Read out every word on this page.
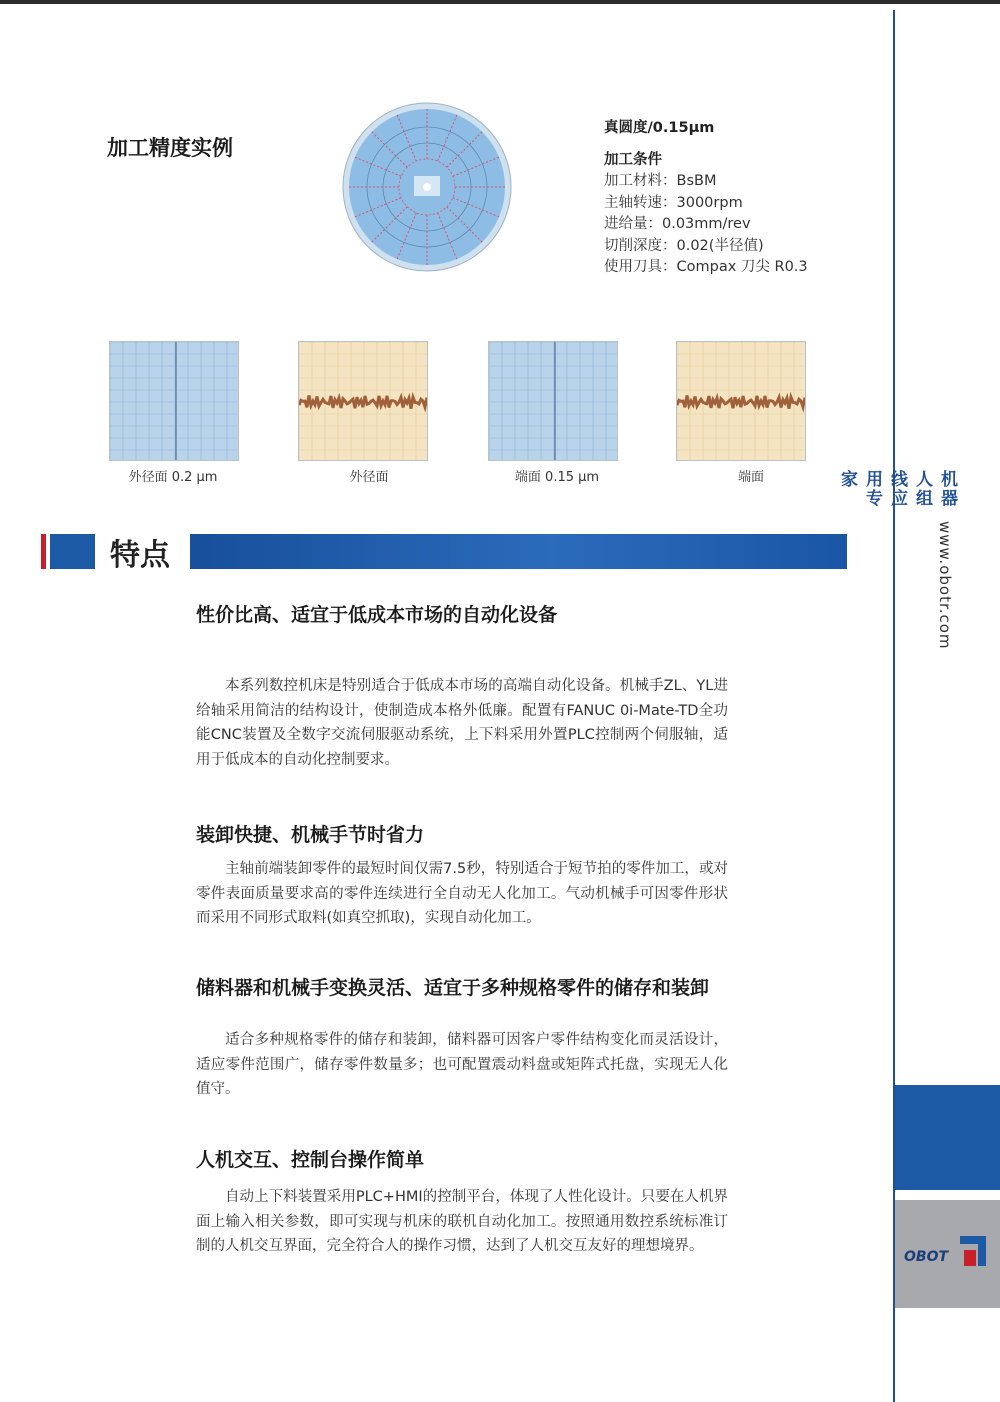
机器人组线应用专家
www.obotr.com
OBOT
加工精度实例
真圆度/0.15μm
加工条件
加工材料：BsBM
主轴转速：3000rpm
进给量：0.03mm/rev
切削深度：0.02(半径值)
使用刀具：Compax 刀尖 R0.3
外径面 0.2 μm	外径面	端面 0.15 μm	端面
特点
性价比高、适宜于低成本市场的自动化设备
本系列数控机床是特别适合于低成本市场的高端自动化设备。机械手ZL、YL进给轴采用简洁的结构设计，使制造成本格外低廉。配置有FANUC 0i-Mate-TD全功能CNC装置及全数字交流伺服驱动系统，上下料采用外置PLC控制两个伺服轴，适用于低成本的自动化控制要求。
装卸快捷、机械手节时省力
主轴前端装卸零件的最短时间仅需7.5秒，特别适合于短节拍的零件加工，或对零件表面质量要求高的零件连续进行全自动无人化加工。气动机械手可因零件形状而采用不同形式取料(如真空抓取)，实现自动化加工。
储料器和机械手变换灵活、适宜于多种规格零件的储存和装卸
适合多种规格零件的储存和装卸，储料器可因客户零件结构变化而灵活设计，适应零件范围广，储存零件数量多；也可配置震动料盘或矩阵式托盘，实现无人化值守。
人机交互、控制台操作简单
自动上下料装置采用PLC+HMI的控制平台，体现了人性化设计。只要在人机界面上输入相关参数，即可实现与机床的联机自动化加工。按照通用数控系统标准订制的人机交互界面，完全符合人的操作习惯，达到了人机交互友好的理想境界。
